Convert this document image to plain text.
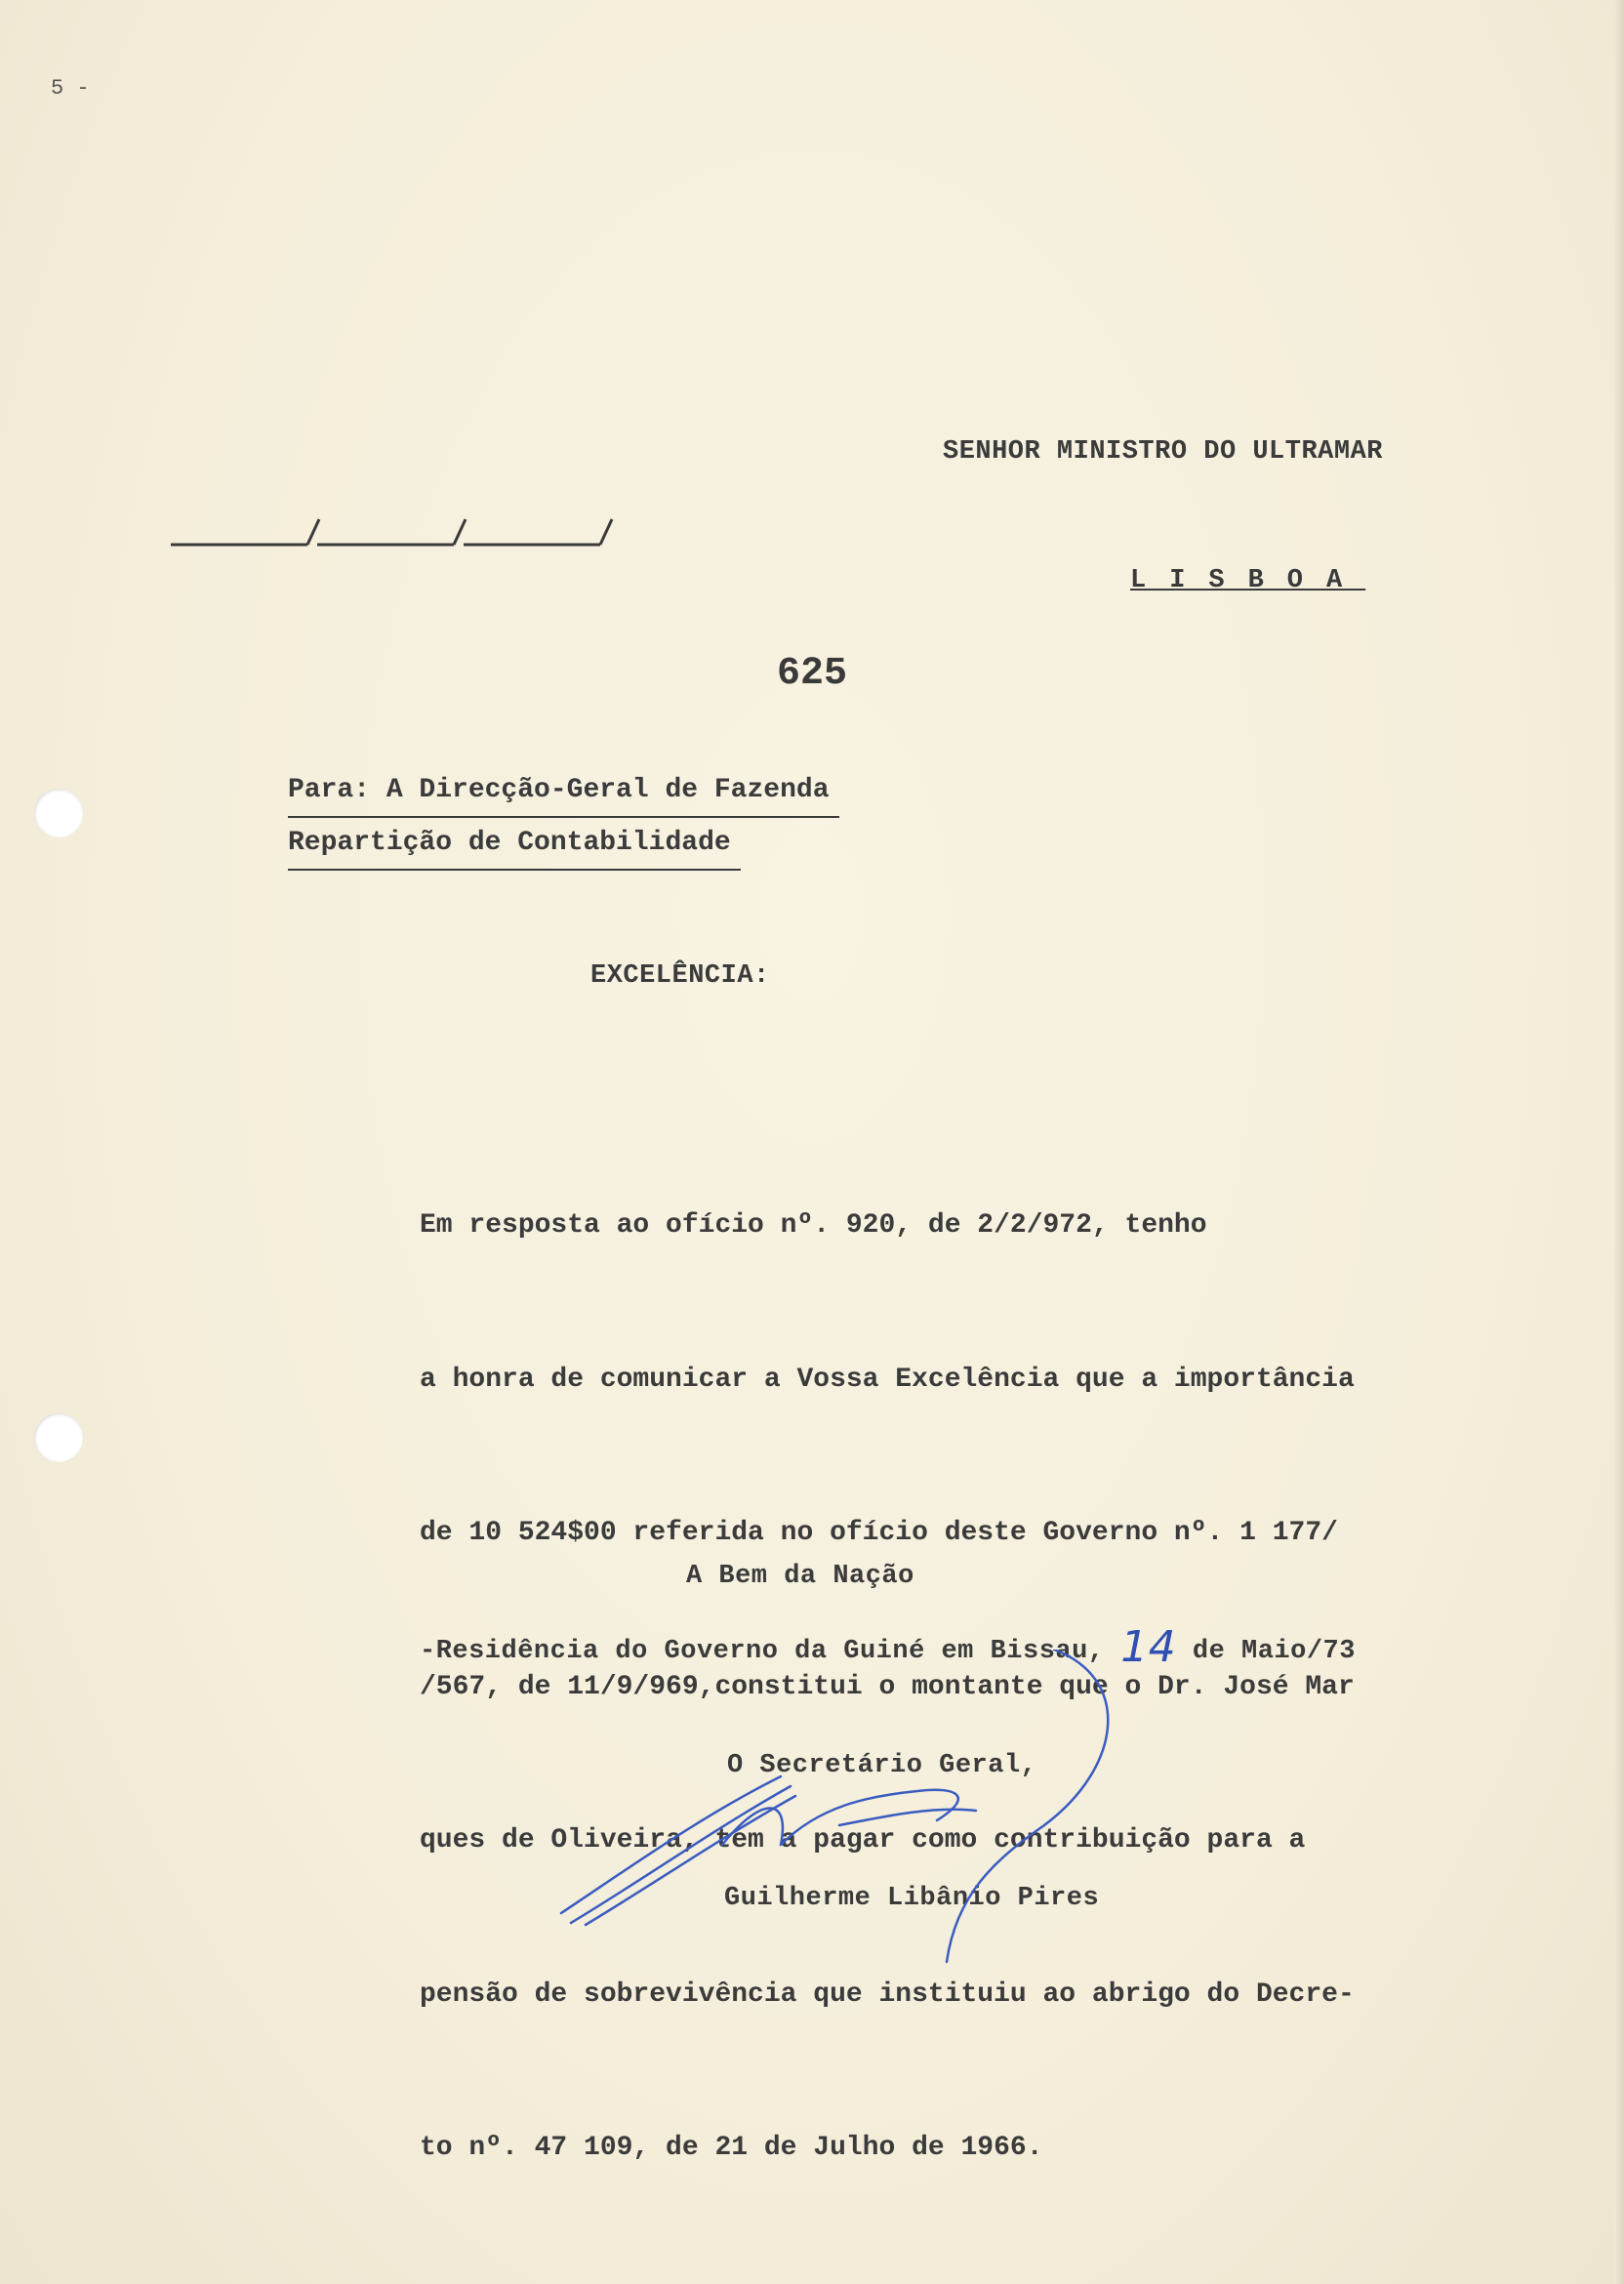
5 -
SENHOR MINISTRO DO ULTRAMAR
LISBOA
625
Para: A Direcção-Geral de Fazenda
Repartição de Contabilidade
EXCELÊNCIA:

Em resposta ao ofício nº. 920, de 2/2/972, tenho

a honra de comunicar a Vossa Excelência que a importância

de 10 524$00 referida no ofício deste Governo nº. 1 177/

/567, de 11/9/969,constitui o montante que o Dr. José Mar

ques de Oliveira, tem a pagar como contribuição para a

pensão de sobrevivência que instituiu ao abrigo do Decre-

to nº. 47 109, de 21 de Julho de 1966.

A Bem da Nação
-Residência do Governo da Guiné em Bissau, 14 de Maio/73
O Secretário Geral,
Guilherme Libânio Pires
